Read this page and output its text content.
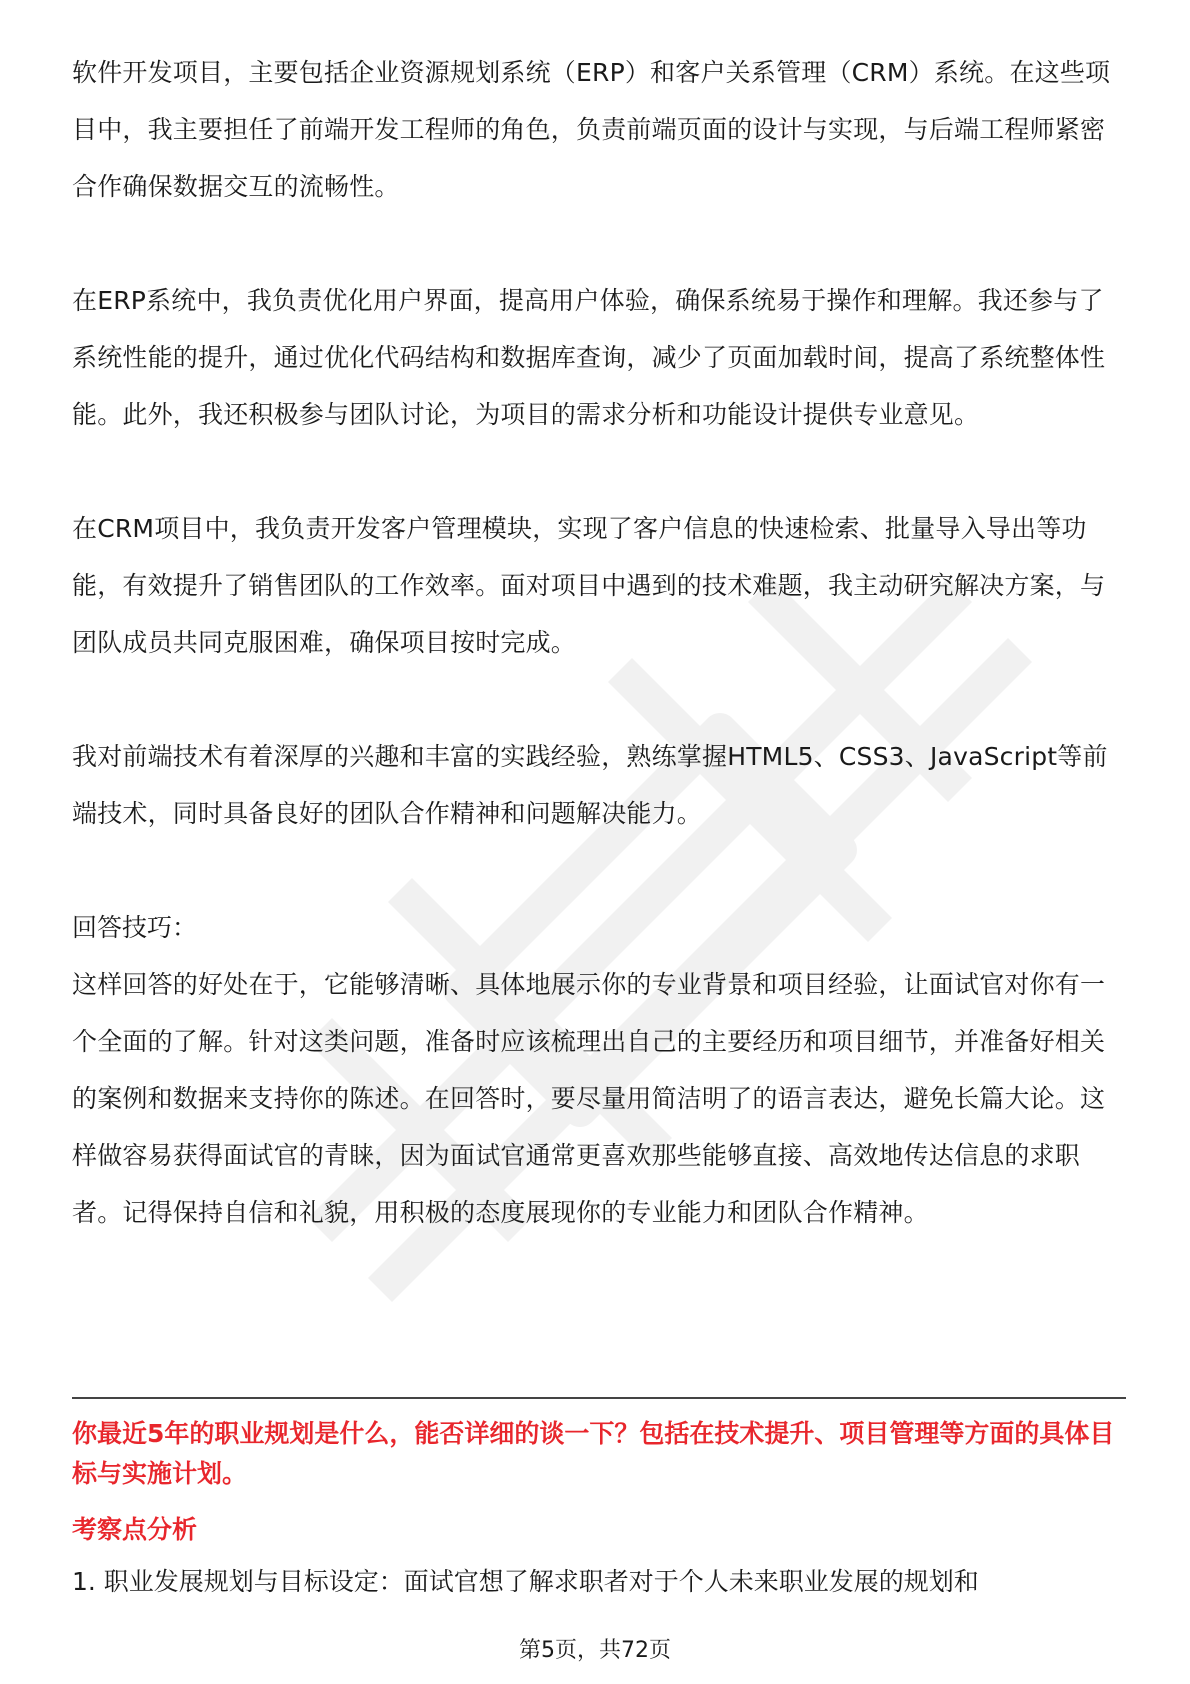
软件开发项目，主要包括企业资源规划系统（ERP）和客户关系管理（CRM）系统。在这些项目中，我主要担任了前端开发工程师的角色，负责前端页面的设计与实现，与后端工程师紧密合作确保数据交互的流畅性。

在ERP系统中，我负责优化用户界面，提高用户体验，确保系统易于操作和理解。我还参与了系统性能的提升，通过优化代码结构和数据库查询，减少了页面加载时间，提高了系统整体性能。此外，我还积极参与团队讨论，为项目的需求分析和功能设计提供专业意见。

在CRM项目中，我负责开发客户管理模块，实现了客户信息的快速检索、批量导入导出等功能，有效提升了销售团队的工作效率。面对项目中遇到的技术难题，我主动研究解决方案，与团队成员共同克服困难，确保项目按时完成。

我对前端技术有着深厚的兴趣和丰富的实践经验，熟练掌握HTML5、CSS3、JavaScript等前端技术，同时具备良好的团队合作精神和问题解决能力。

回答技巧：

这样回答的好处在于，它能够清晰、具体地展示你的专业背景和项目经验，让面试官对你有一个全面的了解。针对这类问题，准备时应该梳理出自己的主要经历和项目细节，并准备好相关的案例和数据来支持你的陈述。在回答时，要尽量用简洁明了的语言表达，避免长篇大论。这样做容易获得面试官的青睐，因为面试官通常更喜欢那些能够直接、高效地传达信息的求职者。记得保持自信和礼貌，用积极的态度展现你的专业能力和团队合作精神。

你最近5年的职业规划是什么，能否详细的谈一下？包括在技术提升、项目管理等方面的具体目标与实施计划。

考察点分析

1. 职业发展规划与目标设定：面试官想了解求职者对于个人未来职业发展的规划和

第5页，共72页
